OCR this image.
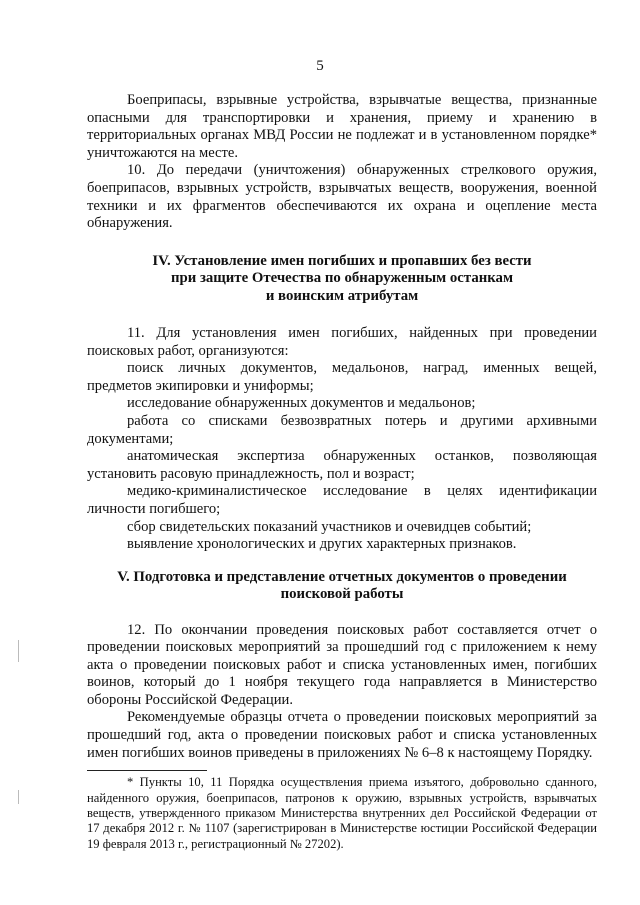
5

Боеприпасы, взрывные устройства, взрывчатые вещества, признанные опасными для транспортировки и хранения, приему и хранению в территориальных органах МВД России не подлежат и в установленном порядке* уничтожаются на месте.

10. До передачи (уничтожения) обнаруженных стрелкового оружия, боеприпасов, взрывных устройств, взрывчатых веществ, вооружения, военной техники и их фрагментов обеспечиваются их охрана и оцепление места обнаружения.

IV. Установление имен погибших и пропавших без вести
при защите Отечества по обнаруженным останкам
и воинским атрибутам

11. Для установления имен погибших, найденных при проведении поисковых работ, организуются:

поиск личных документов, медальонов, наград, именных вещей, предметов экипировки и униформы;

исследование обнаруженных документов и медальонов;

работа со списками безвозвратных потерь и другими архивными документами;

анатомическая экспертиза обнаруженных останков, позволяющая установить расовую принадлежность, пол и возраст;

медико-криминалистическое исследование в целях идентификации личности погибшего;

сбор свидетельских показаний участников и очевидцев событий;

выявление хронологических и других характерных признаков.

V. Подготовка и представление отчетных документов о проведении
поисковой работы

12. По окончании проведения поисковых работ составляется отчет о проведении поисковых мероприятий за прошедший год с приложением к нему акта о проведении поисковых работ и списка установленных имен, погибших воинов, который до 1 ноября текущего года направляется в Министерство обороны Российской Федерации.

Рекомендуемые образцы отчета о проведении поисковых мероприятий за прошедший год, акта о проведении поисковых работ и списка установленных имен погибших воинов приведены в приложениях № 6–8 к настоящему Порядку.

* Пункты 10, 11 Порядка осуществления приема изъятого, добровольно сданного, найденного оружия, боеприпасов, патронов к оружию, взрывных устройств, взрывчатых веществ, утвержденного приказом Министерства внутренних дел Российской Федерации от 17 декабря 2012 г. № 1107 (зарегистрирован в Министерстве юстиции Российской Федерации 19 февраля 2013 г., регистрационный № 27202).
